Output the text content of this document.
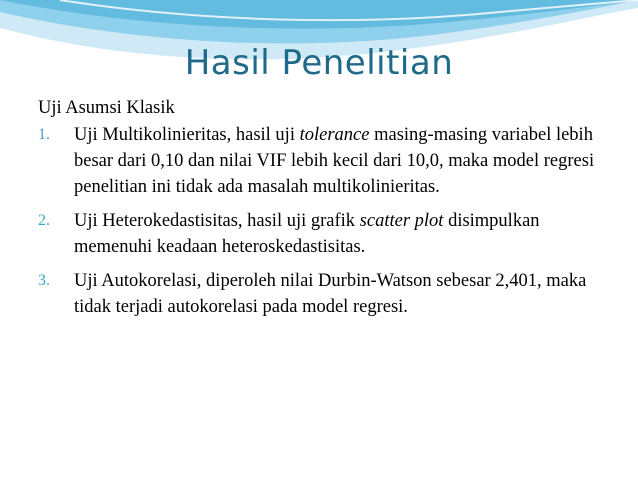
Hasil Penelitian

Uji Asumsi Klasik

1. Uji Multikolinieritas, hasil uji tolerance masing-masing variabel lebih besar dari 0,10 dan nilai VIF lebih kecil dari 10,0, maka model regresi penelitian ini tidak ada masalah multikolinieritas.
2. Uji Heterokedastisitas, hasil uji grafik scatter plot disimpulkan memenuhi keadaan heteroskedastisitas.
3. Uji Autokorelasi, diperoleh nilai Durbin-Watson sebesar 2,401, maka tidak terjadi autokorelasi pada model regresi.
